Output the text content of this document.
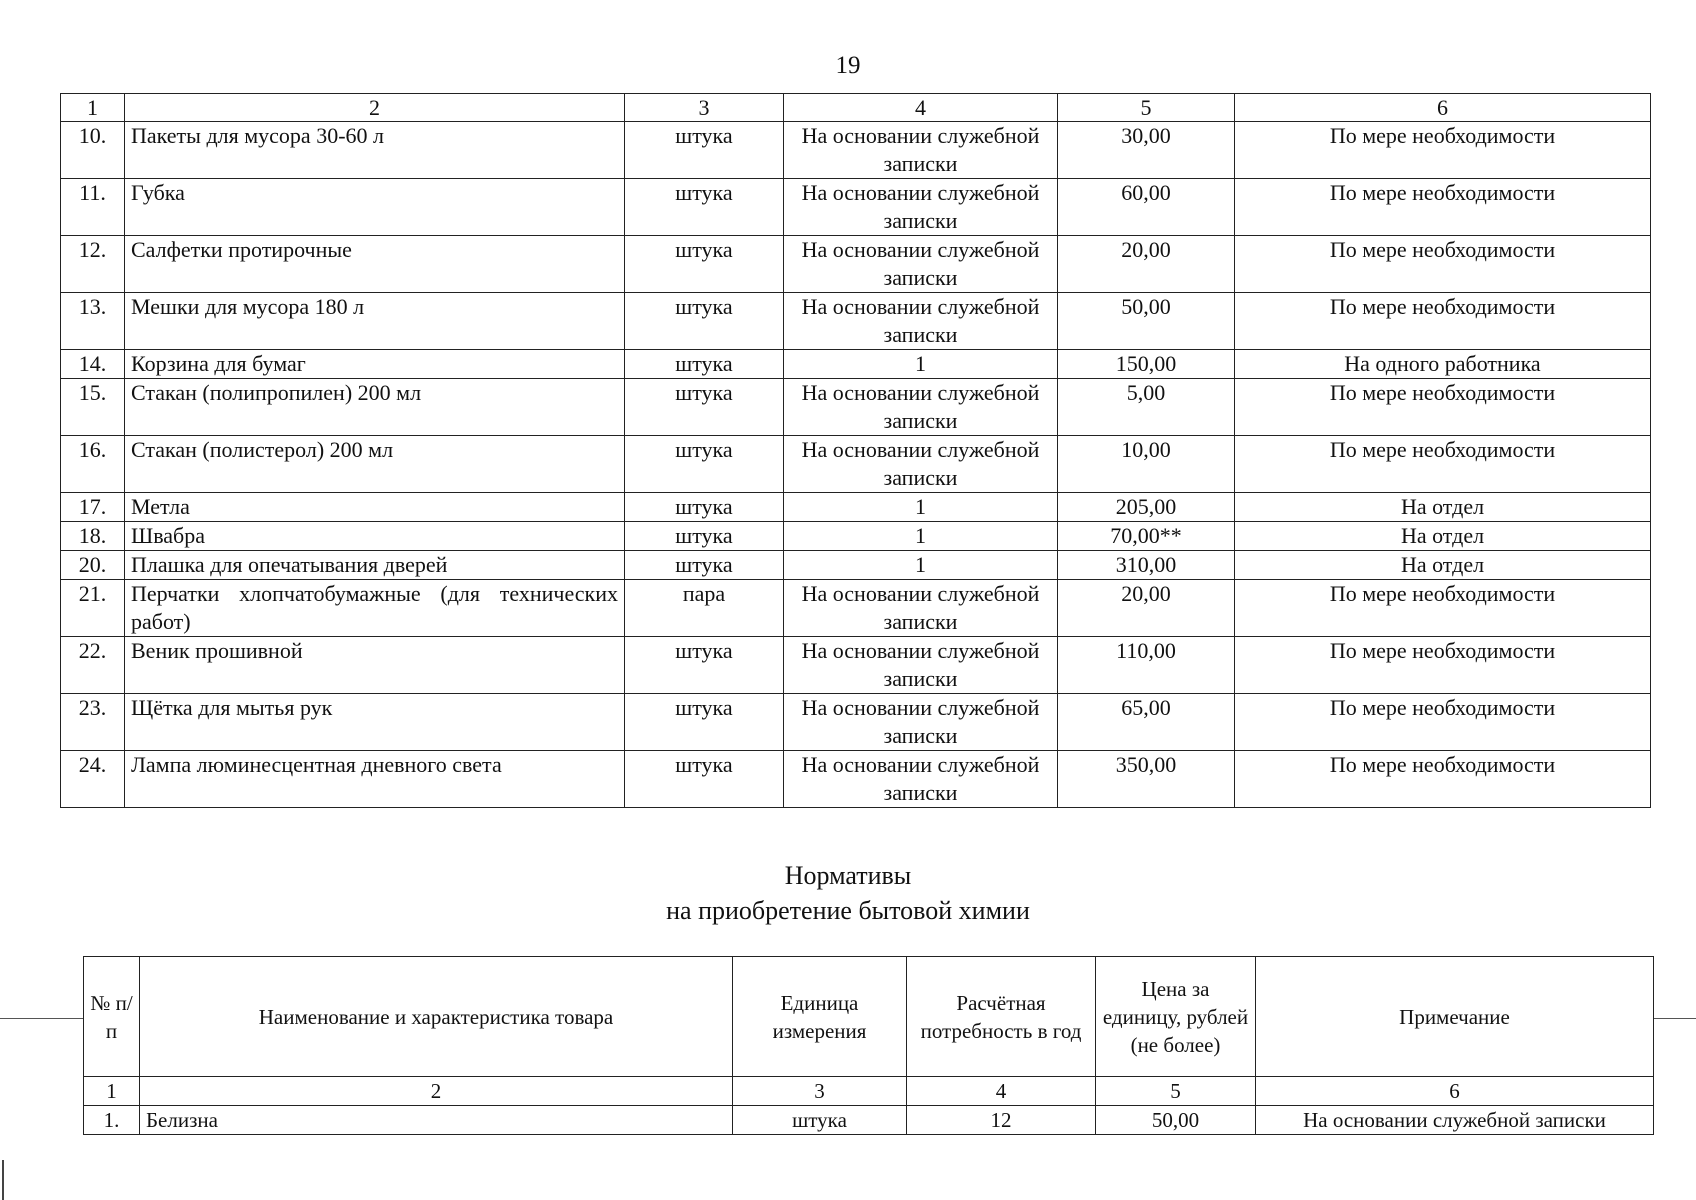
19
1	2	3	4	5	6
10.	Пакеты для мусора 30-60 л	штука	На основании служебной записки	30,00	По мере необходимости
11.	Губка	штука	На основании служебной записки	60,00	По мере необходимости
12.	Салфетки протирочные	штука	На основании служебной записки	20,00	По мере необходимости
13.	Мешки для мусора 180 л	штука	На основании служебной записки	50,00	По мере необходимости
14.	Корзина для бумаг	штука	1	150,00	На одного работника
15.	Стакан (полипропилен) 200 мл	штука	На основании служебной записки	5,00	По мере необходимости
16.	Стакан (полистерол) 200 мл	штука	На основании служебной записки	10,00	По мере необходимости
17.	Метла	штука	1	205,00	На отдел
18.	Швабра	штука	1	70,00**	На отдел
20.	Плашка для опечатывания дверей	штука	1	310,00	На отдел
21.	Перчатки хлопчатобумажные (для технических работ)	пара	На основании служебной записки	20,00	По мере необходимости
22.	Веник прошивной	штука	На основании служебной записки	110,00	По мере необходимости
23.	Щётка для мытья рук	штука	На основании служебной записки	65,00	По мере необходимости
24.	Лампа люминесцентная дневного света	штука	На основании служебной записки	350,00	По мере необходимости
Нормативы
на приобретение бытовой химии
№ п/п	Наименование и характеристика товара	Единица измерения	Расчётная потребность в год	Цена за единицу, рублей (не более)	Примечание
1	2	3	4	5	6
1.	Белизна	штука	12	50,00	На основании служебной записки
